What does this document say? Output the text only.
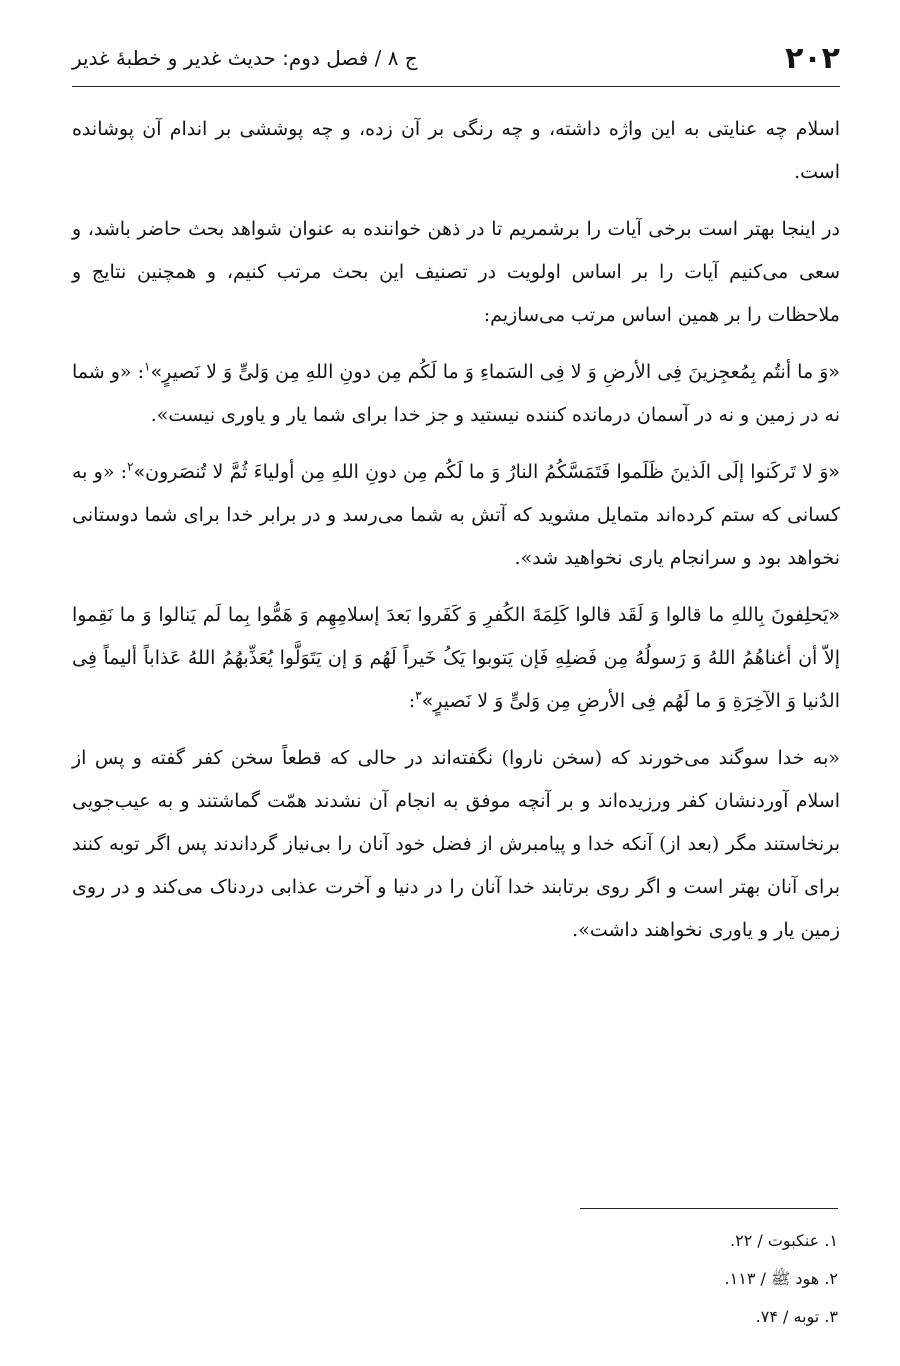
۲۰۲
ج ۸ / فصل دوم: حدیث غدیر و خطبهٔ غدیر

اسلام چه عنایتی به این واژه داشته، و چه رنگی بر آن زده، و چه پوششی بر اندام آن پوشانده است.

در اینجا بهتر است برخی آیات را برشمریم تا در ذهن خواننده به عنوان شواهد بحث حاضر باشد، و سعی می‌کنیم آیات را بر اساس اولویت در تصنیف این بحث مرتب کنیم، و همچنین نتایج و ملاحظات را بر همین اساس مرتب می‌سازیم:

«وَ ما أنتُم بِمُعجِزینَ فِی الأرضِ وَ لا فِی السَماءِ وَ ما لَکُم مِن دونِ اللهِ مِن وَلیٍّ وَ لا نَصیرٍ»$^۱$: «و شما نه در زمین و نه در آسمان درمانده کننده نیستید و جز خدا برای شما یار و یاوری نیست».

«وَ لا تَرکَنوا إلَی الَذینَ ظَلَموا فَتَمَسَّکُمُ النارُ وَ ما لَکُم مِن دونِ اللهِ مِن أولیاءَ ثُمَّ لا تُنصَرون»$^۲$: «و به کسانی که ستم کرده‌اند متمایل مشوید که آتش به شما می‌رسد و در برابر خدا برای شما دوستانی نخواهد بود و سرانجام یاری نخواهید شد».

«یَحلِفونَ بِاللهِ ما قالوا وَ لَقَد قالوا کَلِمَةَ الکُفرِ وَ کَفَروا بَعدَ إسلامِهِم وَ هَمُّوا بِما لَم یَنالوا وَ ما نَقِموا إلاّ أن أغناهُمُ اللهُ وَ رَسولُهُ مِن فَضلِهِ فَإن یَتوبوا یَکُ خَیراً لَهُم وَ إن یَتَوَلَّوا یُعَذِّبهُمُ اللهُ عَذاباً أليماً فِی الدُنیا وَ الآخِرَةِ وَ ما لَهُم فِی الأرضِ مِن وَلیٍّ وَ لا نَصیرٍ»$^۳$:

«به خدا سوگند می‌خورند که (سخن ناروا) نگفته‌اند در حالی که قطعاً سخن کفر گفته و پس از اسلام آوردنشان کفر ورزیده‌اند و بر آنچه موفق به انجام آن نشدند همّت گماشتند و به عیب‌جویی برنخاستند مگر (بعد از) آنکه خدا و پیامبرش از فضل خود آنان را بی‌نیاز گرداندند پس اگر توبه کنند برای آنان بهتر است و اگر روی برتابند خدا آنان را در دنیا و آخرت عذابی دردناک می‌کند و در روی زمین یار و یاوری نخواهند داشت».

۱. عنکبوت / ۲۲.
۲. هود ﷺ / ۱۱۳.
۳. توبه / ۷۴.
